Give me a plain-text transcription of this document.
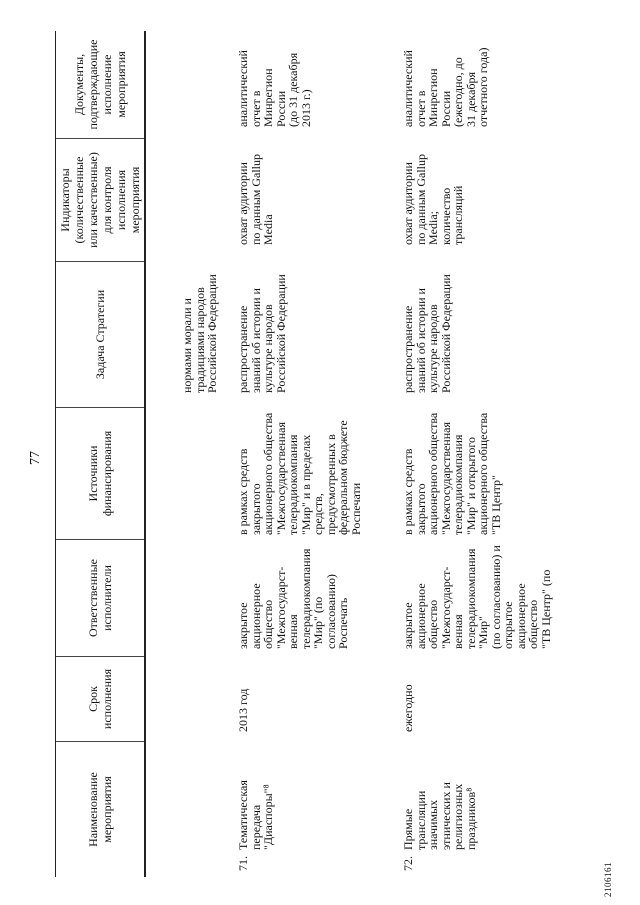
77
2106161
Наименование
мероприятия
Срок
исполнения
Ответственные
исполнители
Источники
финансирования
Задача Стратегии
Индикаторы
(количественные
или качественные)
для контроля
исполнения
мероприятия
Документы,
подтверждающие
исполнение
мероприятия
нормами морали и
традициями народов
Российской Федерации
71.
Тематическая
передача
"Диаспоры"⁸
2013 год
закрытое
акционерное
общество
"Межгосударст-
венная
телерадиокомпания
"Мир" (по
согласованию)
Роспечать
в рамках средств
закрытого
акционерного общества
"Межгосударственная
телерадиокомпания
"Мир" и в пределах
средств,
предусмотренных в
федеральном бюджете
Роспечати
распространение
знаний об истории и
культуре народов
Российской Федерации
охват аудитории
по данным Gallup
Media
аналитический
отчет в
Минрегион
России
(до 31 декабря
2013 г.)
72.
Прямые
трансляции
значимых
этнических и
религиозных
праздников⁸
ежегодно
закрытое
акционерное
общество
"Межгосударст-
венная
телерадиокомпания
"Мир"
(по согласованию) и
открытое
акционерное
общество
"ТВ Центр" (по
в рамках средств
закрытого
акционерного общества
"Межгосударственная
телерадиокомпания
"Мир" и открытого
акционерного общества
"ТВ Центр"
распространение
знаний об истории и
культуре народов
Российской Федерации
охват аудитории
по данным Gallup
Media;
количество
трансляций
аналитический
отчет в
Минрегион
России
(ежегодно, до
31 декабря
отчетного года)
